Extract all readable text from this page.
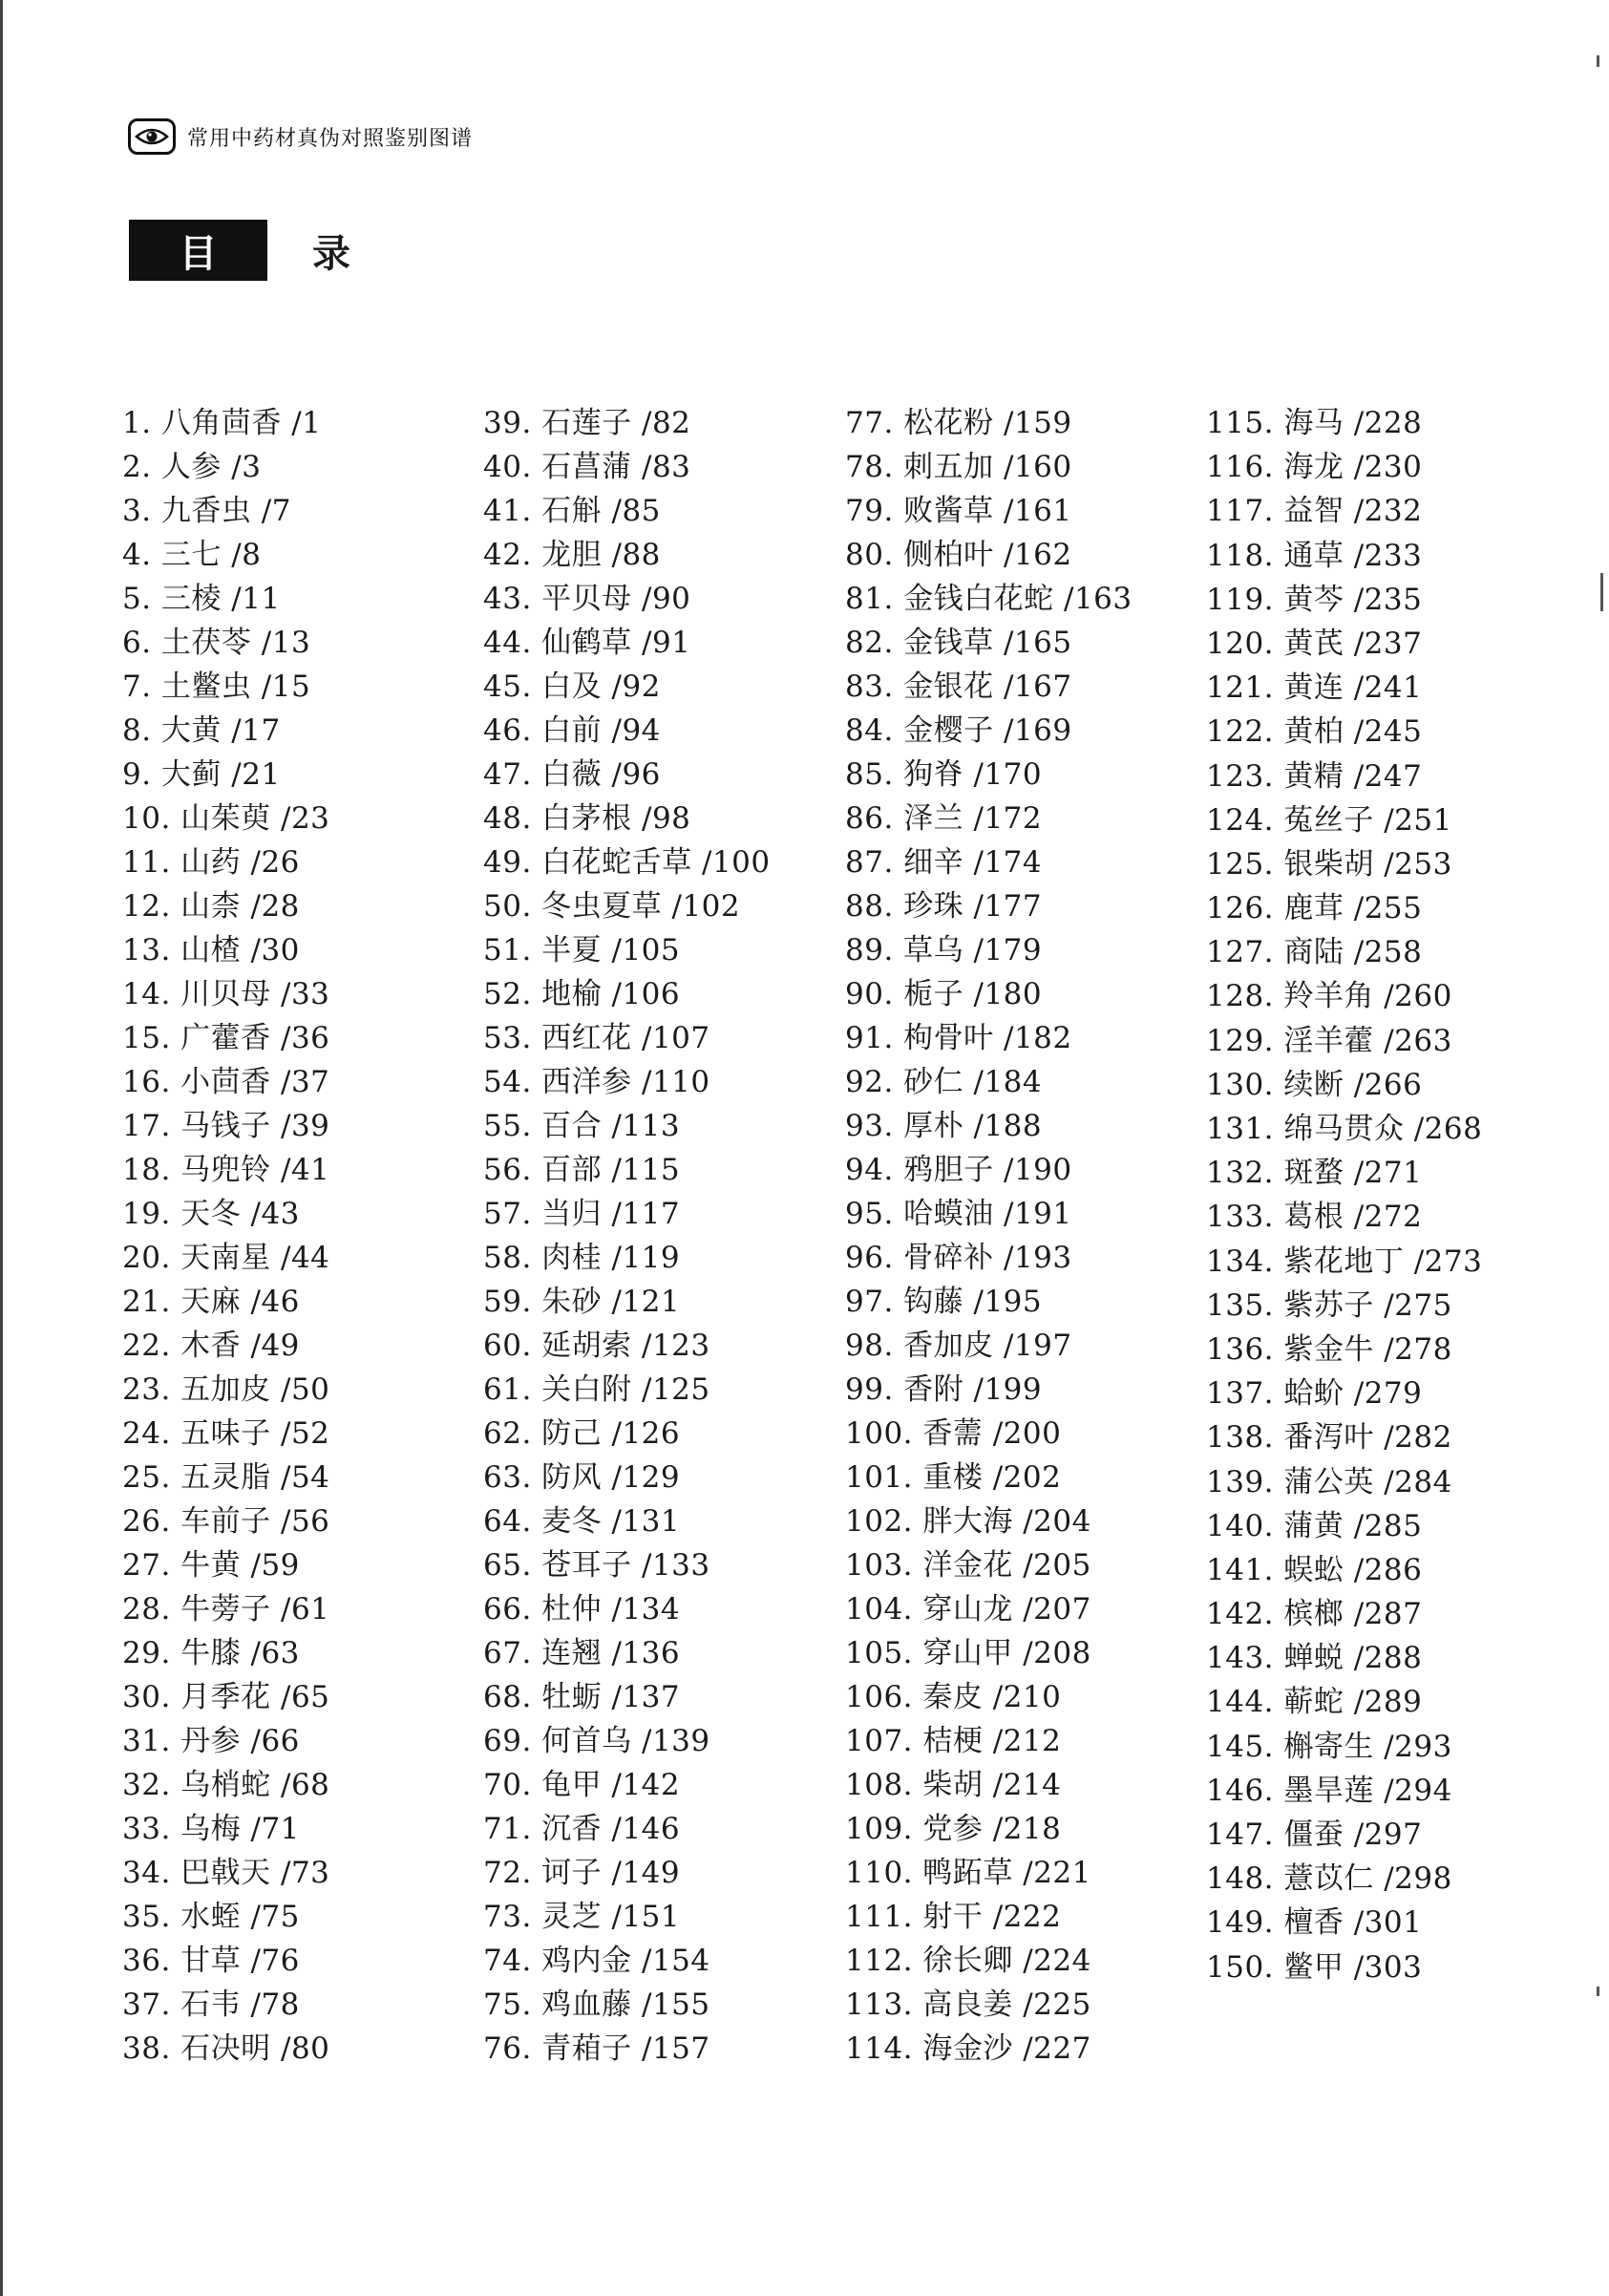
常用中药材真伪对照鉴别图谱
目 录
1. 八角茴香 /1
2. 人参 /3
3. 九香虫 /7
4. 三七 /8
5. 三棱 /11
6. 土茯苓 /13
7. 土鳖虫 /15
8. 大黄 /17
9. 大蓟 /21
10. 山茱萸 /23
11. 山药 /26
12. 山柰 /28
13. 山楂 /30
14. 川贝母 /33
15. 广藿香 /36
16. 小茴香 /37
17. 马钱子 /39
18. 马兜铃 /41
19. 天冬 /43
20. 天南星 /44
21. 天麻 /46
22. 木香 /49
23. 五加皮 /50
24. 五味子 /52
25. 五灵脂 /54
26. 车前子 /56
27. 牛黄 /59
28. 牛蒡子 /61
29. 牛膝 /63
30. 月季花 /65
31. 丹参 /66
32. 乌梢蛇 /68
33. 乌梅 /71
34. 巴戟天 /73
35. 水蛭 /75
36. 甘草 /76
37. 石韦 /78
38. 石决明 /80
39. 石莲子 /82
40. 石菖蒲 /83
41. 石斛 /85
42. 龙胆 /88
43. 平贝母 /90
44. 仙鹤草 /91
45. 白及 /92
46. 白前 /94
47. 白薇 /96
48. 白茅根 /98
49. 白花蛇舌草 /100
50. 冬虫夏草 /102
51. 半夏 /105
52. 地榆 /106
53. 西红花 /107
54. 西洋参 /110
55. 百合 /113
56. 百部 /115
57. 当归 /117
58. 肉桂 /119
59. 朱砂 /121
60. 延胡索 /123
61. 关白附 /125
62. 防己 /126
63. 防风 /129
64. 麦冬 /131
65. 苍耳子 /133
66. 杜仲 /134
67. 连翘 /136
68. 牡蛎 /137
69. 何首乌 /139
70. 龟甲 /142
71. 沉香 /146
72. 诃子 /149
73. 灵芝 /151
74. 鸡内金 /154
75. 鸡血藤 /155
76. 青葙子 /157
77. 松花粉 /159
78. 刺五加 /160
79. 败酱草 /161
80. 侧柏叶 /162
81. 金钱白花蛇 /163
82. 金钱草 /165
83. 金银花 /167
84. 金樱子 /169
85. 狗脊 /170
86. 泽兰 /172
87. 细辛 /174
88. 珍珠 /177
89. 草乌 /179
90. 栀子 /180
91. 枸骨叶 /182
92. 砂仁 /184
93. 厚朴 /188
94. 鸦胆子 /190
95. 哈蟆油 /191
96. 骨碎补 /193
97. 钩藤 /195
98. 香加皮 /197
99. 香附 /199
100. 香薷 /200
101. 重楼 /202
102. 胖大海 /204
103. 洋金花 /205
104. 穿山龙 /207
105. 穿山甲 /208
106. 秦皮 /210
107. 桔梗 /212
108. 柴胡 /214
109. 党参 /218
110. 鸭跖草 /221
111. 射干 /222
112. 徐长卿 /224
113. 高良姜 /225
114. 海金沙 /227
115. 海马 /228
116. 海龙 /230
117. 益智 /232
118. 通草 /233
119. 黄芩 /235
120. 黄芪 /237
121. 黄连 /241
122. 黄柏 /245
123. 黄精 /247
124. 菟丝子 /251
125. 银柴胡 /253
126. 鹿茸 /255
127. 商陆 /258
128. 羚羊角 /260
129. 淫羊藿 /263
130. 续断 /266
131. 绵马贯众 /268
132. 斑蝥 /271
133. 葛根 /272
134. 紫花地丁 /273
135. 紫苏子 /275
136. 紫金牛 /278
137. 蛤蚧 /279
138. 番泻叶 /282
139. 蒲公英 /284
140. 蒲黄 /285
141. 蜈蚣 /286
142. 槟榔 /287
143. 蝉蜕 /288
144. 蕲蛇 /289
145. 槲寄生 /293
146. 墨旱莲 /294
147. 僵蚕 /297
148. 薏苡仁 /298
149. 檀香 /301
150. 鳖甲 /303
